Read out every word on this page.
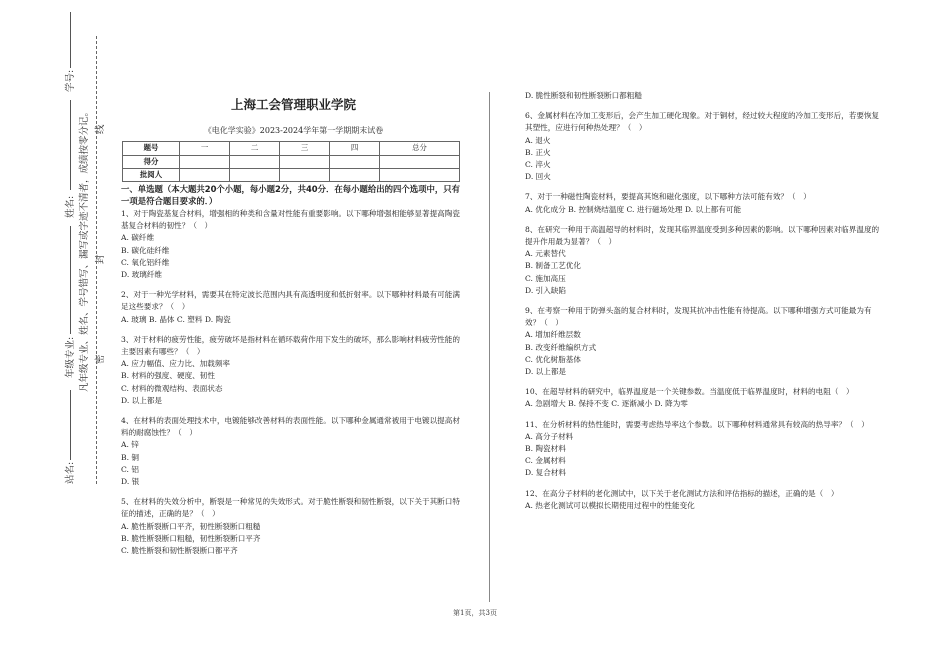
学号:
姓名:
年级专业:
站名:
凡年级专业、姓名、学号错写、漏写或字迹不清者，成绩按零分记。 密
封
线
上海工会管理职业学院
《电化学实验》2023-2024学年第一学期期末试卷
题号	一	二	三	四	总分
得分					
批阅人					
一、单选题（本大题共20个小题，每小题2分，共40分．在每小题给出的四个选项中，只有一项是符合题目要求的．）
1、对于陶瓷基复合材料，增强相的种类和含量对性能有重要影响。以下哪种增强相能够显著提高陶瓷基复合材料的韧性？（　）
A. 碳纤维
B. 碳化硅纤维
C. 氧化铝纤维
D. 玻璃纤维
2、对于一种光学材料，需要其在特定波长范围内具有高透明度和低折射率。以下哪种材料最有可能满足这些要求？（　）
A. 玻璃 B. 晶体 C. 塑料 D. 陶瓷
3、对于材料的疲劳性能，疲劳破坏是指材料在循环载荷作用下发生的破坏，那么影响材料疲劳性能的主要因素有哪些？（　）
A. 应力幅值、应力比、加载频率
B. 材料的强度、硬度、韧性
C. 材料的微观结构、表面状态
D. 以上都是
4、在材料的表面处理技术中，电镀能够改善材料的表面性能。以下哪种金属通常被用于电镀以提高材料的耐腐蚀性？（　）
A. 锌
B. 铜
C. 铝
D. 银
5、在材料的失效分析中，断裂是一种常见的失效形式。对于脆性断裂和韧性断裂，以下关于其断口特征的描述，正确的是？（　）
A. 脆性断裂断口平齐，韧性断裂断口粗糙
B. 脆性断裂断口粗糙，韧性断裂断口平齐
C. 脆性断裂和韧性断裂断口都平齐
D. 脆性断裂和韧性断裂断口都粗糙
6、金属材料在冷加工变形后，会产生加工硬化现象。对于铜材，经过较大程度的冷加工变形后，若要恢复其塑性，应进行何种热处理？（　）
A. 退火
B. 正火
C. 淬火
D. 回火
7、对于一种磁性陶瓷材料，要提高其饱和磁化强度，以下哪种方法可能有效？（　）
A. 优化成分 B. 控制烧结温度 C. 进行磁场处理 D. 以上都有可能
8、在研究一种用于高温超导的材料时，发现其临界温度受到多种因素的影响。以下哪种因素对临界温度的提升作用最为显著？（　）
A. 元素替代
B. 制备工艺优化
C. 施加高压
D. 引入缺陷
9、在考察一种用于防弹头盔的复合材料时，发现其抗冲击性能有待提高。以下哪种增强方式可能最为有效？（　）
A. 增加纤维层数
B. 改变纤维编织方式
C. 优化树脂基体
D. 以上都是
10、在超导材料的研究中，临界温度是一个关键参数。当温度低于临界温度时，材料的电阻（　）
A. 急剧增大 B. 保持不变 C. 逐渐减小 D. 降为零
11、在分析材料的热性能时，需要考虑热导率这个参数。以下哪种材料通常具有较高的热导率？（　）
A. 高分子材料
B. 陶瓷材料
C. 金属材料
D. 复合材料
12、在高分子材料的老化测试中，以下关于老化测试方法和评估指标的描述，正确的是（　）
A. 热老化测试可以模拟长期使用过程中的性能变化
第1页，共3页
